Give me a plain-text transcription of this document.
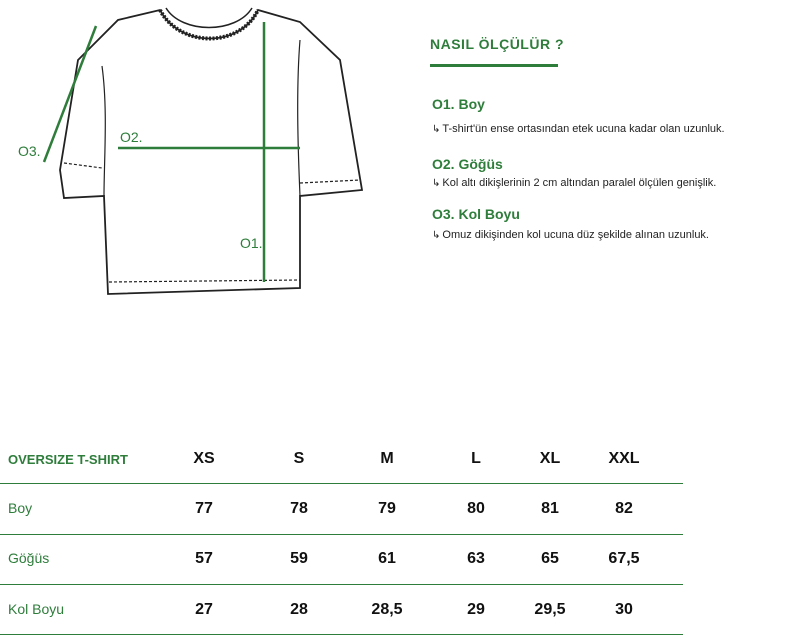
O1.
O2.
O3.
NASIL ÖLÇÜLÜR ?
O1. Boy
↳ T-shirt'ün ense ortasından etek ucuna kadar olan uzunluk.
O2. Göğüs
↳ Kol altı dikişlerinin 2 cm altından paralel ölçülen genişlik.
O3. Kol Boyu
↳ Omuz dikişinden kol ucuna düz şekilde alınan uzunluk.
OVERSIZE T-SHIRT	XS	S	M	L	XL	XXL
Boy	77	78	79	80	81	82
Göğüs	57	59	61	63	65	67,5
Kol Boyu	27	28	28,5	29	29,5	30
